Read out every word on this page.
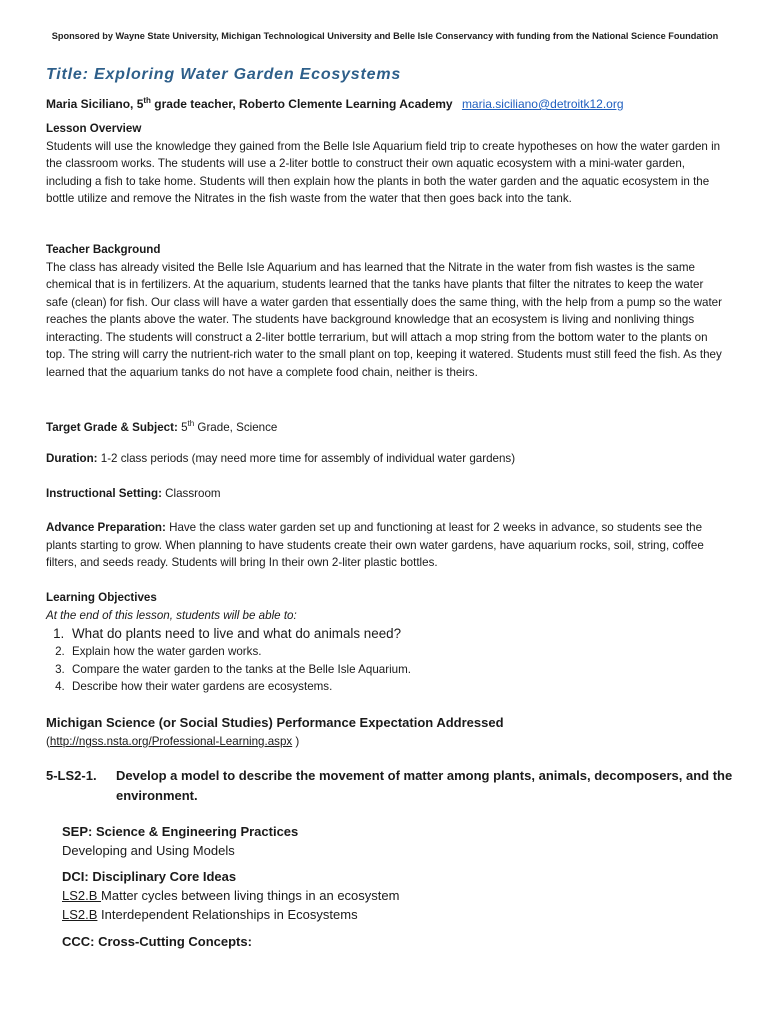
Sponsored by Wayne State University, Michigan Technological University and Belle Isle Conservancy with funding from the National Science Foundation
Title: Exploring Water Garden Ecosystems
Maria Siciliano, 5th grade teacher, Roberto Clemente Learning Academy maria.siciliano@detroitk12.org
Lesson Overview

Students will use the knowledge they gained from the Belle Isle Aquarium field trip to create hypotheses on how the water garden in the classroom works. The students will use a 2-liter bottle to construct their own aquatic ecosystem with a mini-water garden, including a fish to take home. Students will then explain how the plants in both the water garden and the aquatic ecosystem in the bottle utilize and remove the Nitrates in the fish waste from the water that then goes back into the tank.

Teacher Background

The class has already visited the Belle Isle Aquarium and has learned that the Nitrate in the water from fish wastes is the same chemical that is in fertilizers. At the aquarium, students learned that the tanks have plants that filter the nitrates to keep the water safe (clean) for fish. Our class will have a water garden that essentially does the same thing, with the help from a pump so the water reaches the plants above the water. The students have background knowledge that an ecosystem is living and nonliving things interacting. The students will construct a 2-liter bottle terrarium, but will attach a mop string from the bottom water to the plants on top. The string will carry the nutrient-rich water to the small plant on top, keeping it watered. Students must still feed the fish. As they learned that the aquarium tanks do not have a complete food chain, neither is theirs.

Target Grade & Subject: 5th Grade, Science
Duration: 1-2 class periods (may need more time for assembly of individual water gardens)
Instructional Setting: Classroom
Advance Preparation: Have the class water garden set up and functioning at least for 2 weeks in advance, so students see the plants starting to grow. When planning to have students create their own water gardens, have aquarium rocks, soil, string, coffee filters, and seeds ready. Students will bring In their own 2-liter plastic bottles.
Learning Objectives
At the end of this lesson, students will be able to:
1. What do plants need to live and what do animals need?
2. Explain how the water garden works.
3. Compare the water garden to the tanks at the Belle Isle Aquarium.
4. Describe how their water gardens are ecosystems.
Michigan Science (or Social Studies) Performance Expectation Addressed
(http://ngss.nsta.org/Professional-Learning.aspx )
5-LS2-1.	Develop a model to describe the movement of matter among plants, animals, decomposers, and the environment.
SEP: Science & Engineering Practices
Developing and Using Models
DCI: Disciplinary Core Ideas
LS2.B Matter cycles between living things in an ecosystem
LS2.B Interdependent Relationships in Ecosystems
CCC: Cross-Cutting Concepts:
